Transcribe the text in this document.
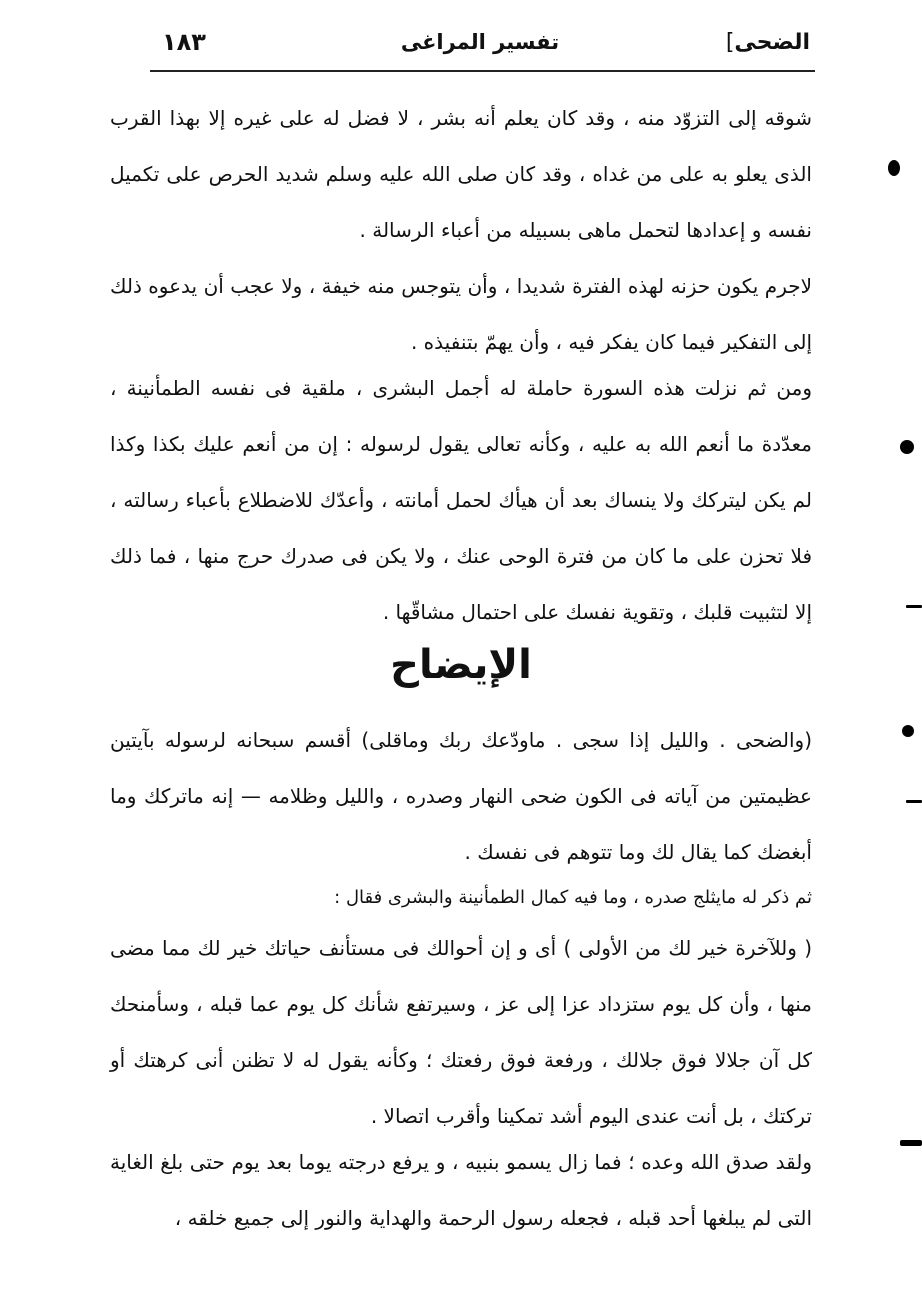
الضحى]
تفسير المراغى
١٨٣

شوقه إلى التزوّد منه ، وقد كان يعلم أنه بشر ، لا فضل له على غيره إلا بهذا القرب الذى يعلو به على من غداه ، وقد كان صلى الله عليه وسلم شديد الحرص على تكميل نفسه و إعدادها لتحمل ماهى بسبيله من أعباء الرسالة .

لاجرم يكون حزنه لهذه الفترة شديدا ، وأن يتوجس منه خيفة ، ولا عجب أن يدعوه ذلك إلى التفكير فيما كان يفكر فيه ، وأن يهمّ بتنفيذه .

ومن ثم نزلت هذه السورة حاملة له أجمل البشرى ، ملقية فى نفسه الطمأنينة ، معدّدة ما أنعم الله به عليه ، وكأنه تعالى يقول لرسوله : إن من أنعم عليك بكذا وكذا لم يكن ليتركك ولا ينساك بعد أن هيأك لحمل أمانته ، وأعدّك للاضطلاع بأعباء رسالته ، فلا تحزن على ما كان من فترة الوحى عنك ، ولا يكن فى صدرك حرج منها ، فما ذلك إلا لتثبيت قلبك ، وتقوية نفسك على احتمال مشاقّها .

الإيضاح

(والضحى . والليل إذا سجى . ماودّعك ربك وماقلى) أقسم سبحانه لرسوله بآيتين عظيمتين من آياته فى الكون ضحى النهار وصدره ، والليل وظلامه — إنه ماتركك وما أبغضك كما يقال لك وما تتوهم فى نفسك .

ثم ذكر له مايثلج صدره ، وما فيه كمال الطمأنينة والبشرى فقال :

( وللآخرة خير لك من الأولى ) أى و إن أحوالك فى مستأنف حياتك خير لك مما مضى منها ، وأن كل يوم ستزداد عزا إلى عز ، وسيرتفع شأنك كل يوم عما قبله ، وسأمنحك كل آن جلالا فوق جلالك ، ورفعة فوق رفعتك ؛ وكأنه يقول له لا تظنن أنى كرهتك أو تركتك ، بل أنت عندى اليوم أشد تمكينا وأقرب اتصالا .

ولقد صدق الله وعده ؛ فما زال يسمو بنبيه ، و يرفع درجته يوما بعد يوم حتى بلغ الغاية التى لم يبلغها أحد قبله ، فجعله رسول الرحمة والهداية والنور إلى جميع خلقه ،
